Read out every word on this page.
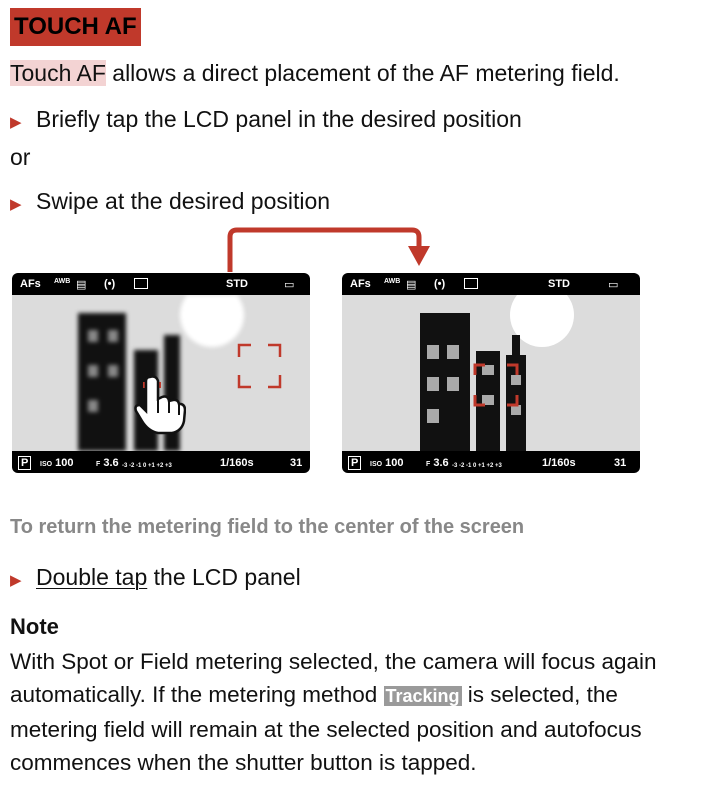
TOUCH AF
Touch AF allows a direct placement of the AF metering field.
▶ Briefly tap the LCD panel in the desired position
or
▶ Swipe at the desired position
AFs AWB ▤ (•)	STD	▭
P	ISO 100	F 3.6 -3 -2 -1 0 +1 +2 +3	1/160s	31
AFs AWB ▤ (•)	STD	▭
P	ISO 100	F 3.6 -3 -2 -1 0 +1 +2 +3	1/160s	31
To return the metering field to the center of the screen
▶ Double tap the LCD panel
Note
With Spot or Field metering selected, the camera will focus again
automatically. If the metering method Tracking is selected, the
metering field will remain at the selected position and autofocus
commences when the shutter button is tapped.
